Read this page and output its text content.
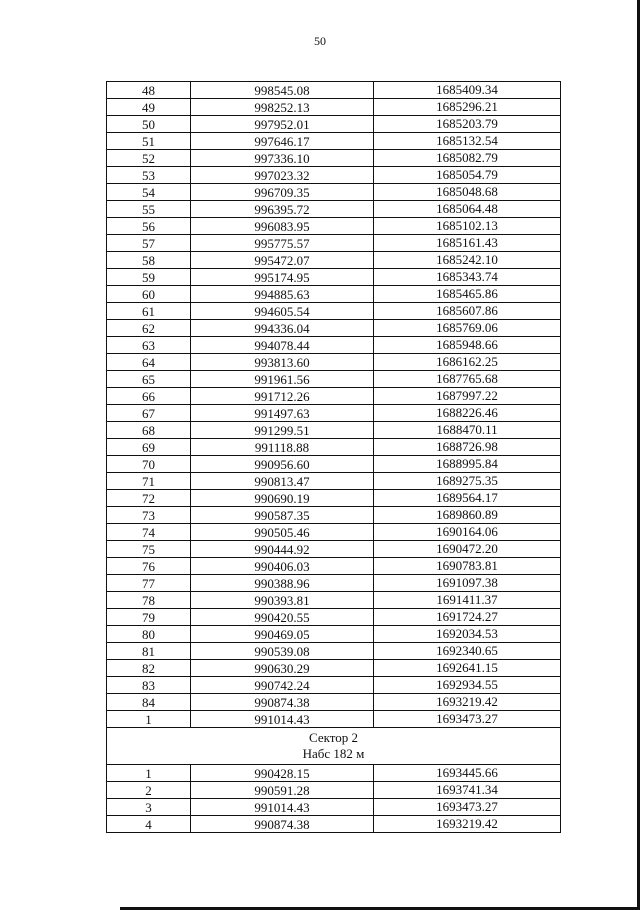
50
48	998545.08	1685409.34
49	998252.13	1685296.21
50	997952.01	1685203.79
51	997646.17	1685132.54
52	997336.10	1685082.79
53	997023.32	1685054.79
54	996709.35	1685048.68
55	996395.72	1685064.48
56	996083.95	1685102.13
57	995775.57	1685161.43
58	995472.07	1685242.10
59	995174.95	1685343.74
60	994885.63	1685465.86
61	994605.54	1685607.86
62	994336.04	1685769.06
63	994078.44	1685948.66
64	993813.60	1686162.25
65	991961.56	1687765.68
66	991712.26	1687997.22
67	991497.63	1688226.46
68	991299.51	1688470.11
69	991118.88	1688726.98
70	990956.60	1688995.84
71	990813.47	1689275.35
72	990690.19	1689564.17
73	990587.35	1689860.89
74	990505.46	1690164.06
75	990444.92	1690472.20
76	990406.03	1690783.81
77	990388.96	1691097.38
78	990393.81	1691411.37
79	990420.55	1691724.27
80	990469.05	1692034.53
81	990539.08	1692340.65
82	990630.29	1692641.15
83	990742.24	1692934.55
84	990874.38	1693219.42
1	991014.43	1693473.27

Сектор 2
Набс 182 м		

1	990428.15	1693445.66
2	990591.28	1693741.34
3	991014.43	1693473.27
4	990874.38	1693219.42
